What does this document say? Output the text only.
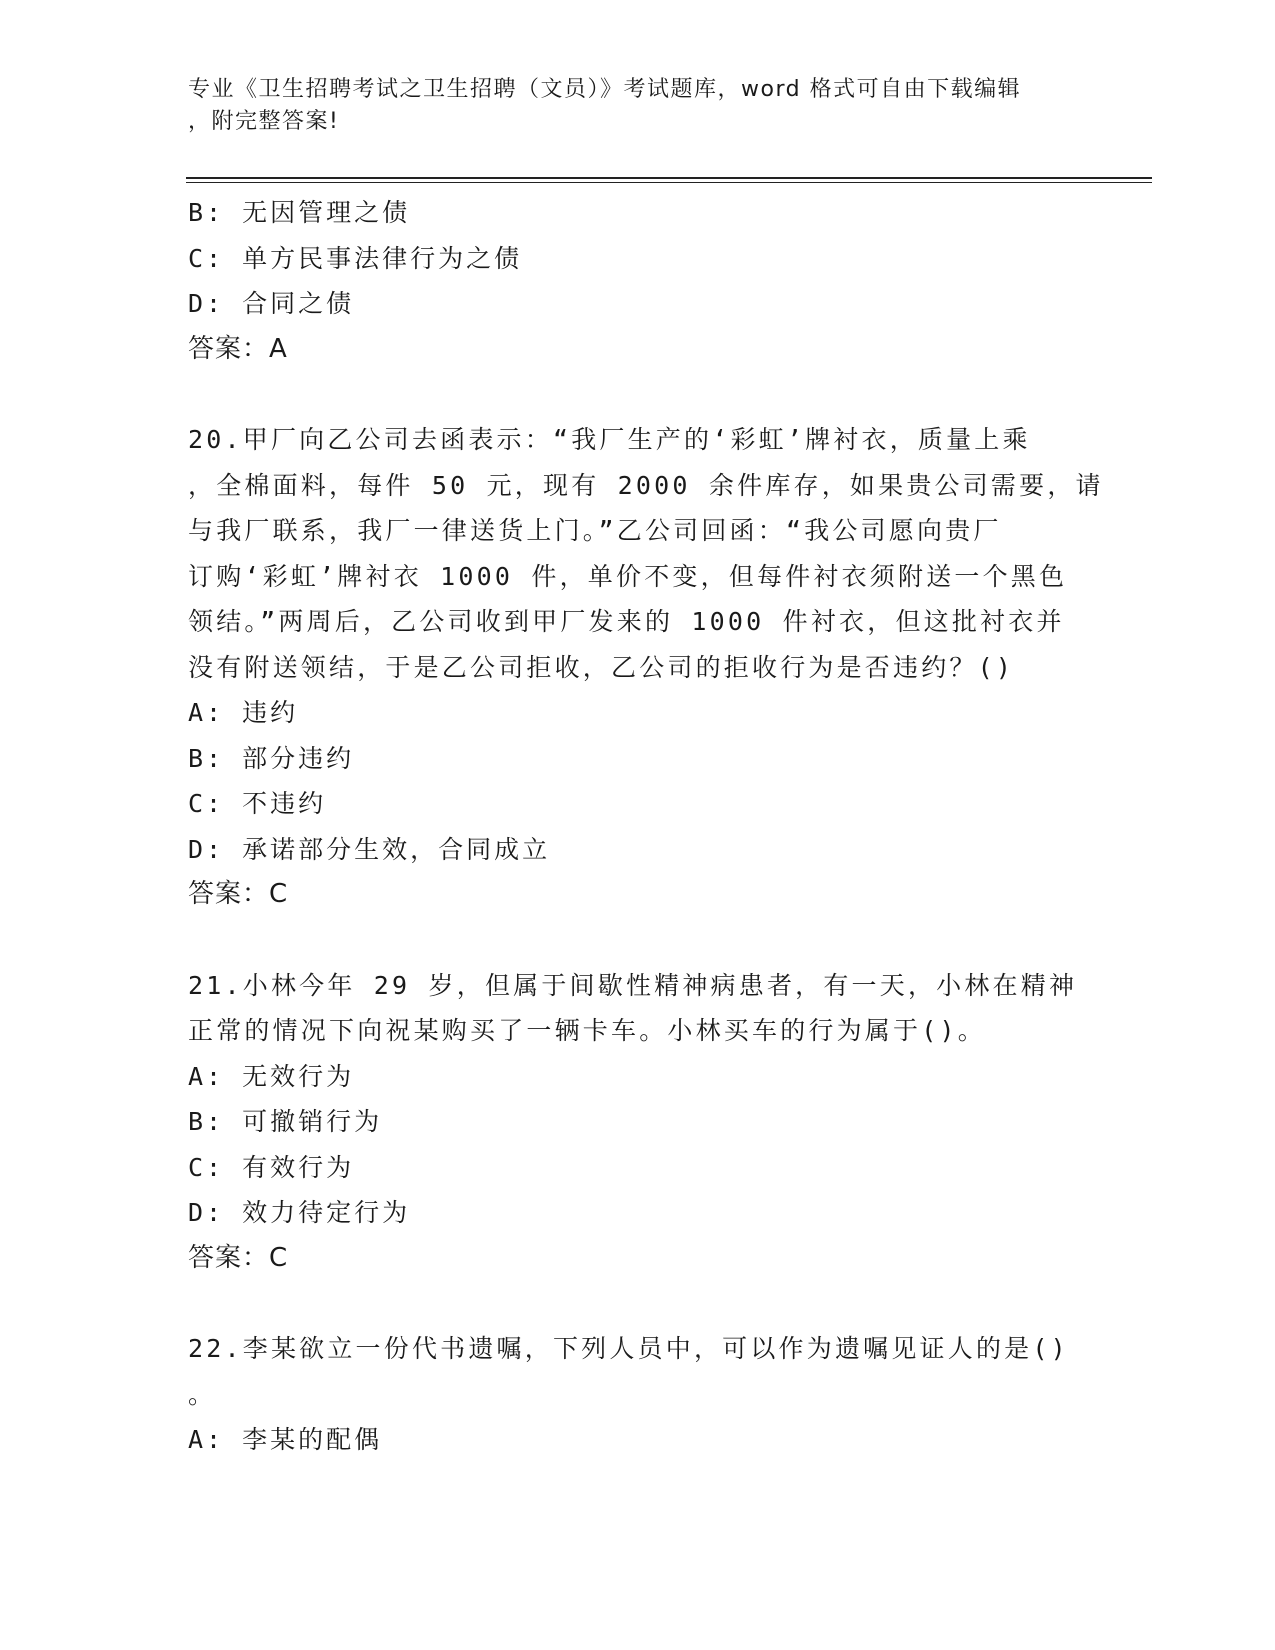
专业《卫生招聘考试之卫生招聘（文员）》考试题库，word 格式可自由下载编辑
，附完整答案!
B: 无因管理之债
C: 单方民事法律行为之债
D: 合同之债
答案：A
20.甲厂向乙公司去函表示：“我厂生产的‘彩虹’牌衬衣，质量上乘
，全棉面料，每件 50 元，现有 2000 余件库存，如果贵公司需要，请
与我厂联系，我厂一律送货上门。”乙公司回函：“我公司愿向贵厂
订购‘彩虹’牌衬衣 1000 件，单价不变，但每件衬衣须附送一个黑色
领结。”两周后，乙公司收到甲厂发来的 1000 件衬衣，但这批衬衣并
没有附送领结，于是乙公司拒收，乙公司的拒收行为是否违约？()
A: 违约
B: 部分违约
C: 不违约
D: 承诺部分生效，合同成立
答案：C
21.小林今年 29 岁，但属于间歇性精神病患者，有一天，小林在精神
正常的情况下向祝某购买了一辆卡车。小林买车的行为属于()。
A: 无效行为
B: 可撤销行为
C: 有效行为
D: 效力待定行为
答案：C
22.李某欲立一份代书遗嘱，下列人员中，可以作为遗嘱见证人的是()
。
A: 李某的配偶
